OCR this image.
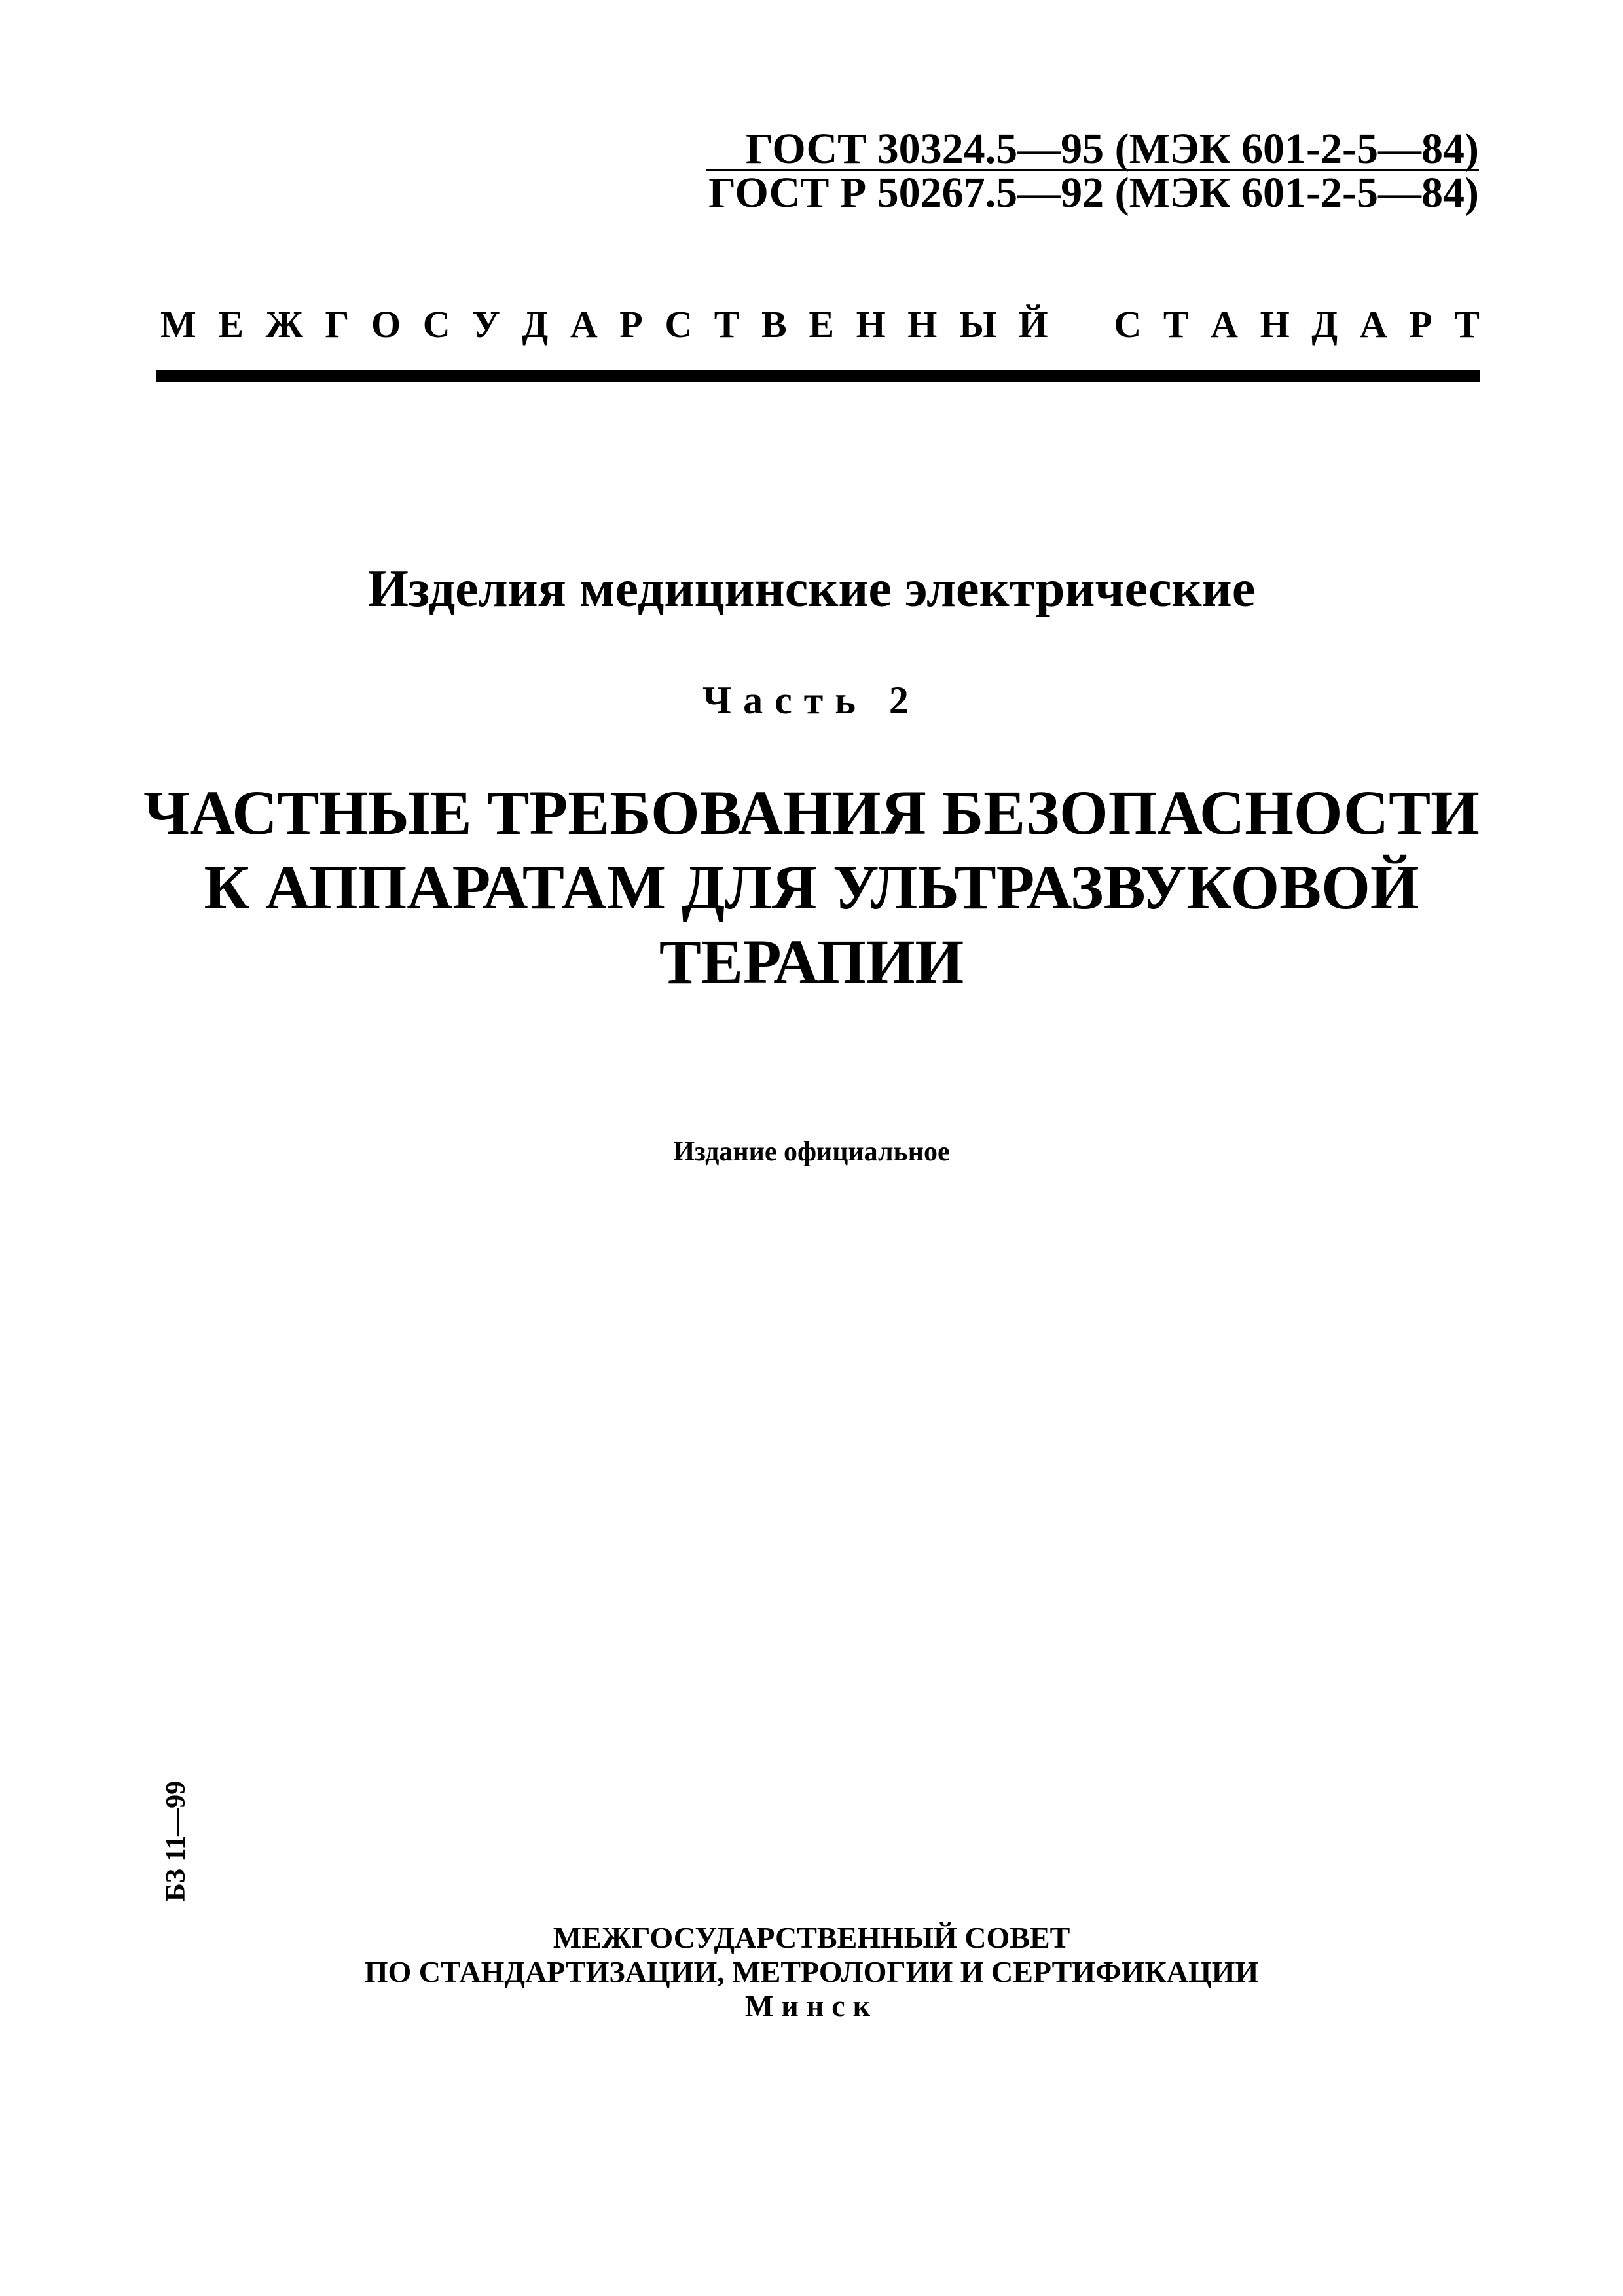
ГОСТ 30324.5—95 (МЭК 601-2-5—84)
ГОСТ Р 50267.5—92 (МЭК 601-2-5—84)
М Е Ж Г О С У Д А Р С Т В Е Н Н Ы Й С Т А Н Д А Р Т
Изделия медицинские электрические
Часть 2
ЧАСТНЫЕ ТРЕБОВАНИЯ БЕЗОПАСНОСТИ
К АППАРАТАМ ДЛЯ УЛЬТРАЗВУКОВОЙ
ТЕРАПИИ
Издание официальное
БЗ 11—99
МЕЖГОСУДАРСТВЕННЫЙ СОВЕТ
ПО СТАНДАРТИЗАЦИИ, МЕТРОЛОГИИ И СЕРТИФИКАЦИИ
Минск
